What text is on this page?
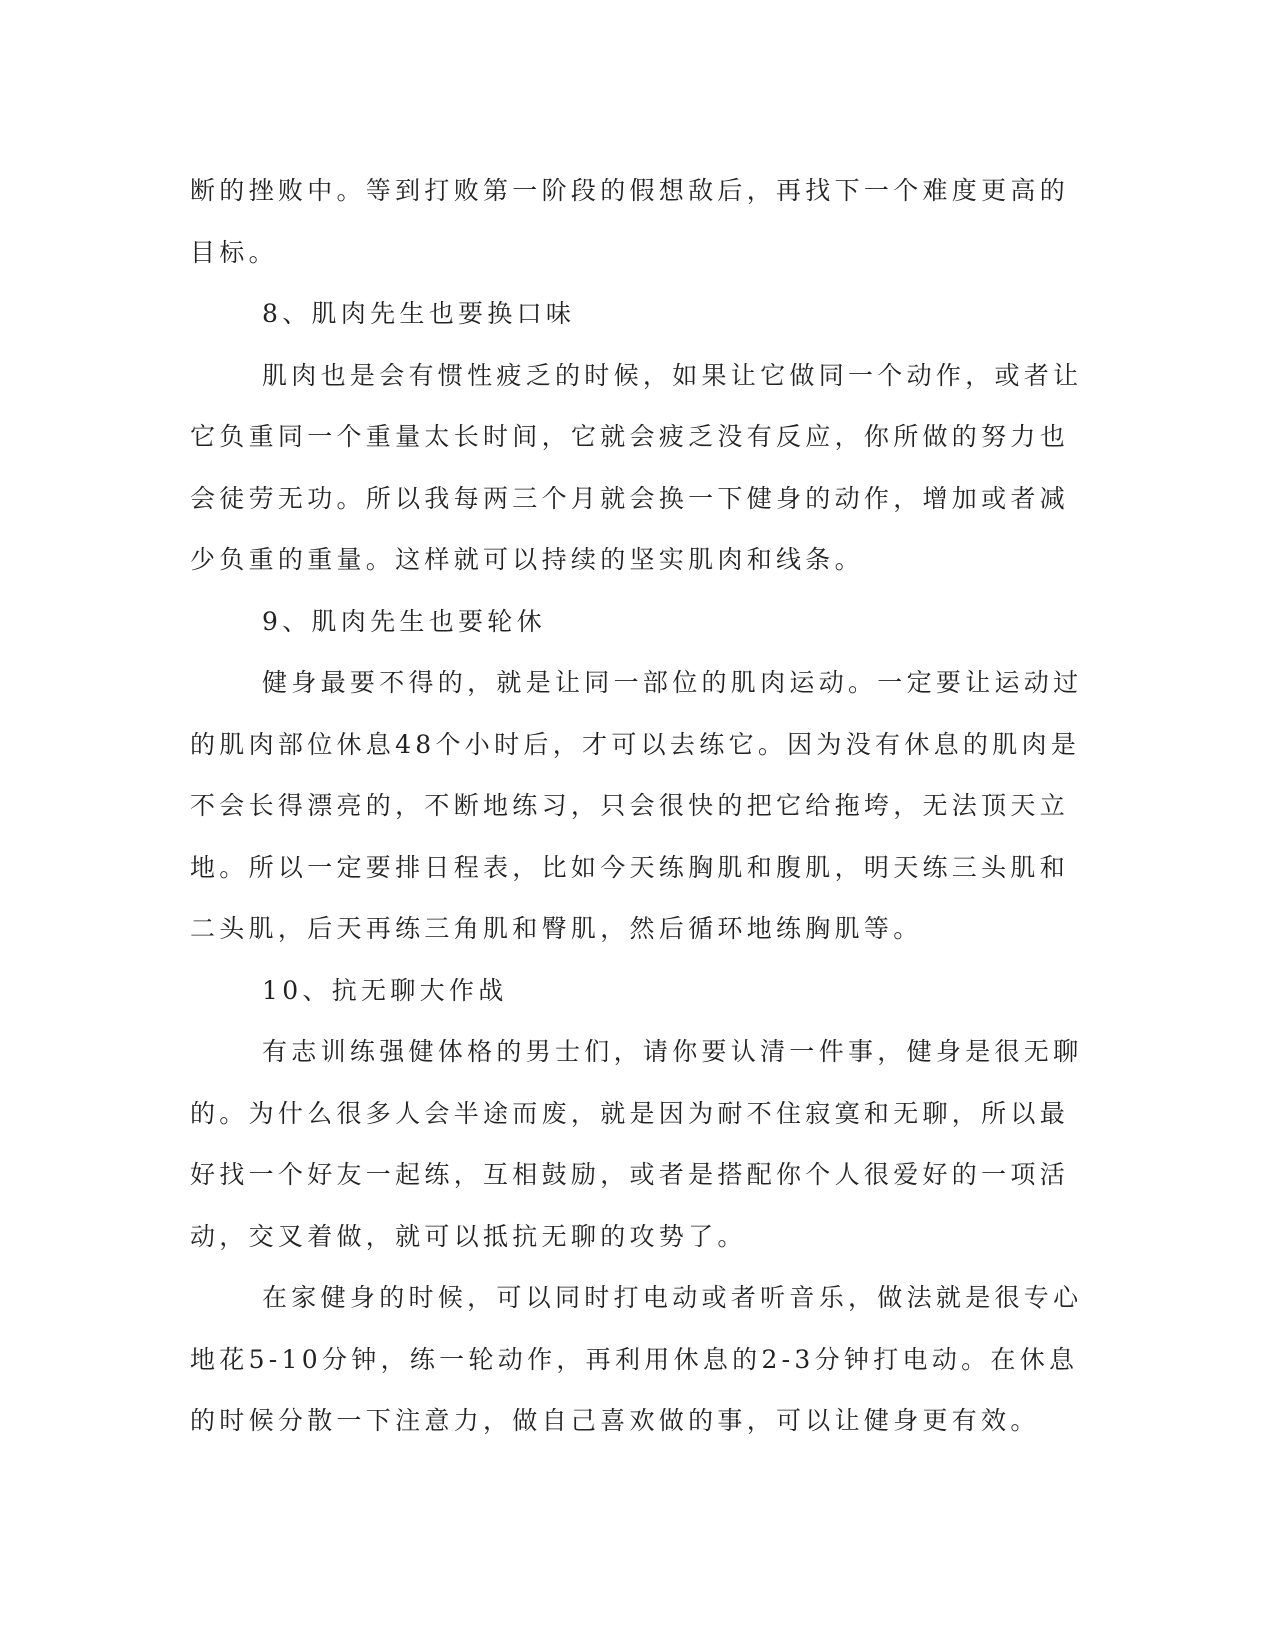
断的挫败中。等到打败第一阶段的假想敌后，再找下一个难度更高的
目标。
8、肌肉先生也要换口味
肌肉也是会有惯性疲乏的时候，如果让它做同一个动作，或者让
它负重同一个重量太长时间，它就会疲乏没有反应，你所做的努力也
会徒劳无功。所以我每两三个月就会换一下健身的动作，增加或者减
少负重的重量。这样就可以持续的坚实肌肉和线条。
9、肌肉先生也要轮休
健身最要不得的，就是让同一部位的肌肉运动。一定要让运动过
的肌肉部位休息48个小时后，才可以去练它。因为没有休息的肌肉是
不会长得漂亮的，不断地练习，只会很快的把它给拖垮，无法顶天立
地。所以一定要排日程表，比如今天练胸肌和腹肌，明天练三头肌和
二头肌，后天再练三角肌和臀肌，然后循环地练胸肌等。
10、抗无聊大作战
有志训练强健体格的男士们，请你要认清一件事，健身是很无聊
的。为什么很多人会半途而废，就是因为耐不住寂寞和无聊，所以最
好找一个好友一起练，互相鼓励，或者是搭配你个人很爱好的一项活
动，交叉着做，就可以抵抗无聊的攻势了。
在家健身的时候，可以同时打电动或者听音乐，做法就是很专心
地花5-10分钟，练一轮动作，再利用休息的2-3分钟打电动。在休息
的时候分散一下注意力，做自己喜欢做的事，可以让健身更有效。
